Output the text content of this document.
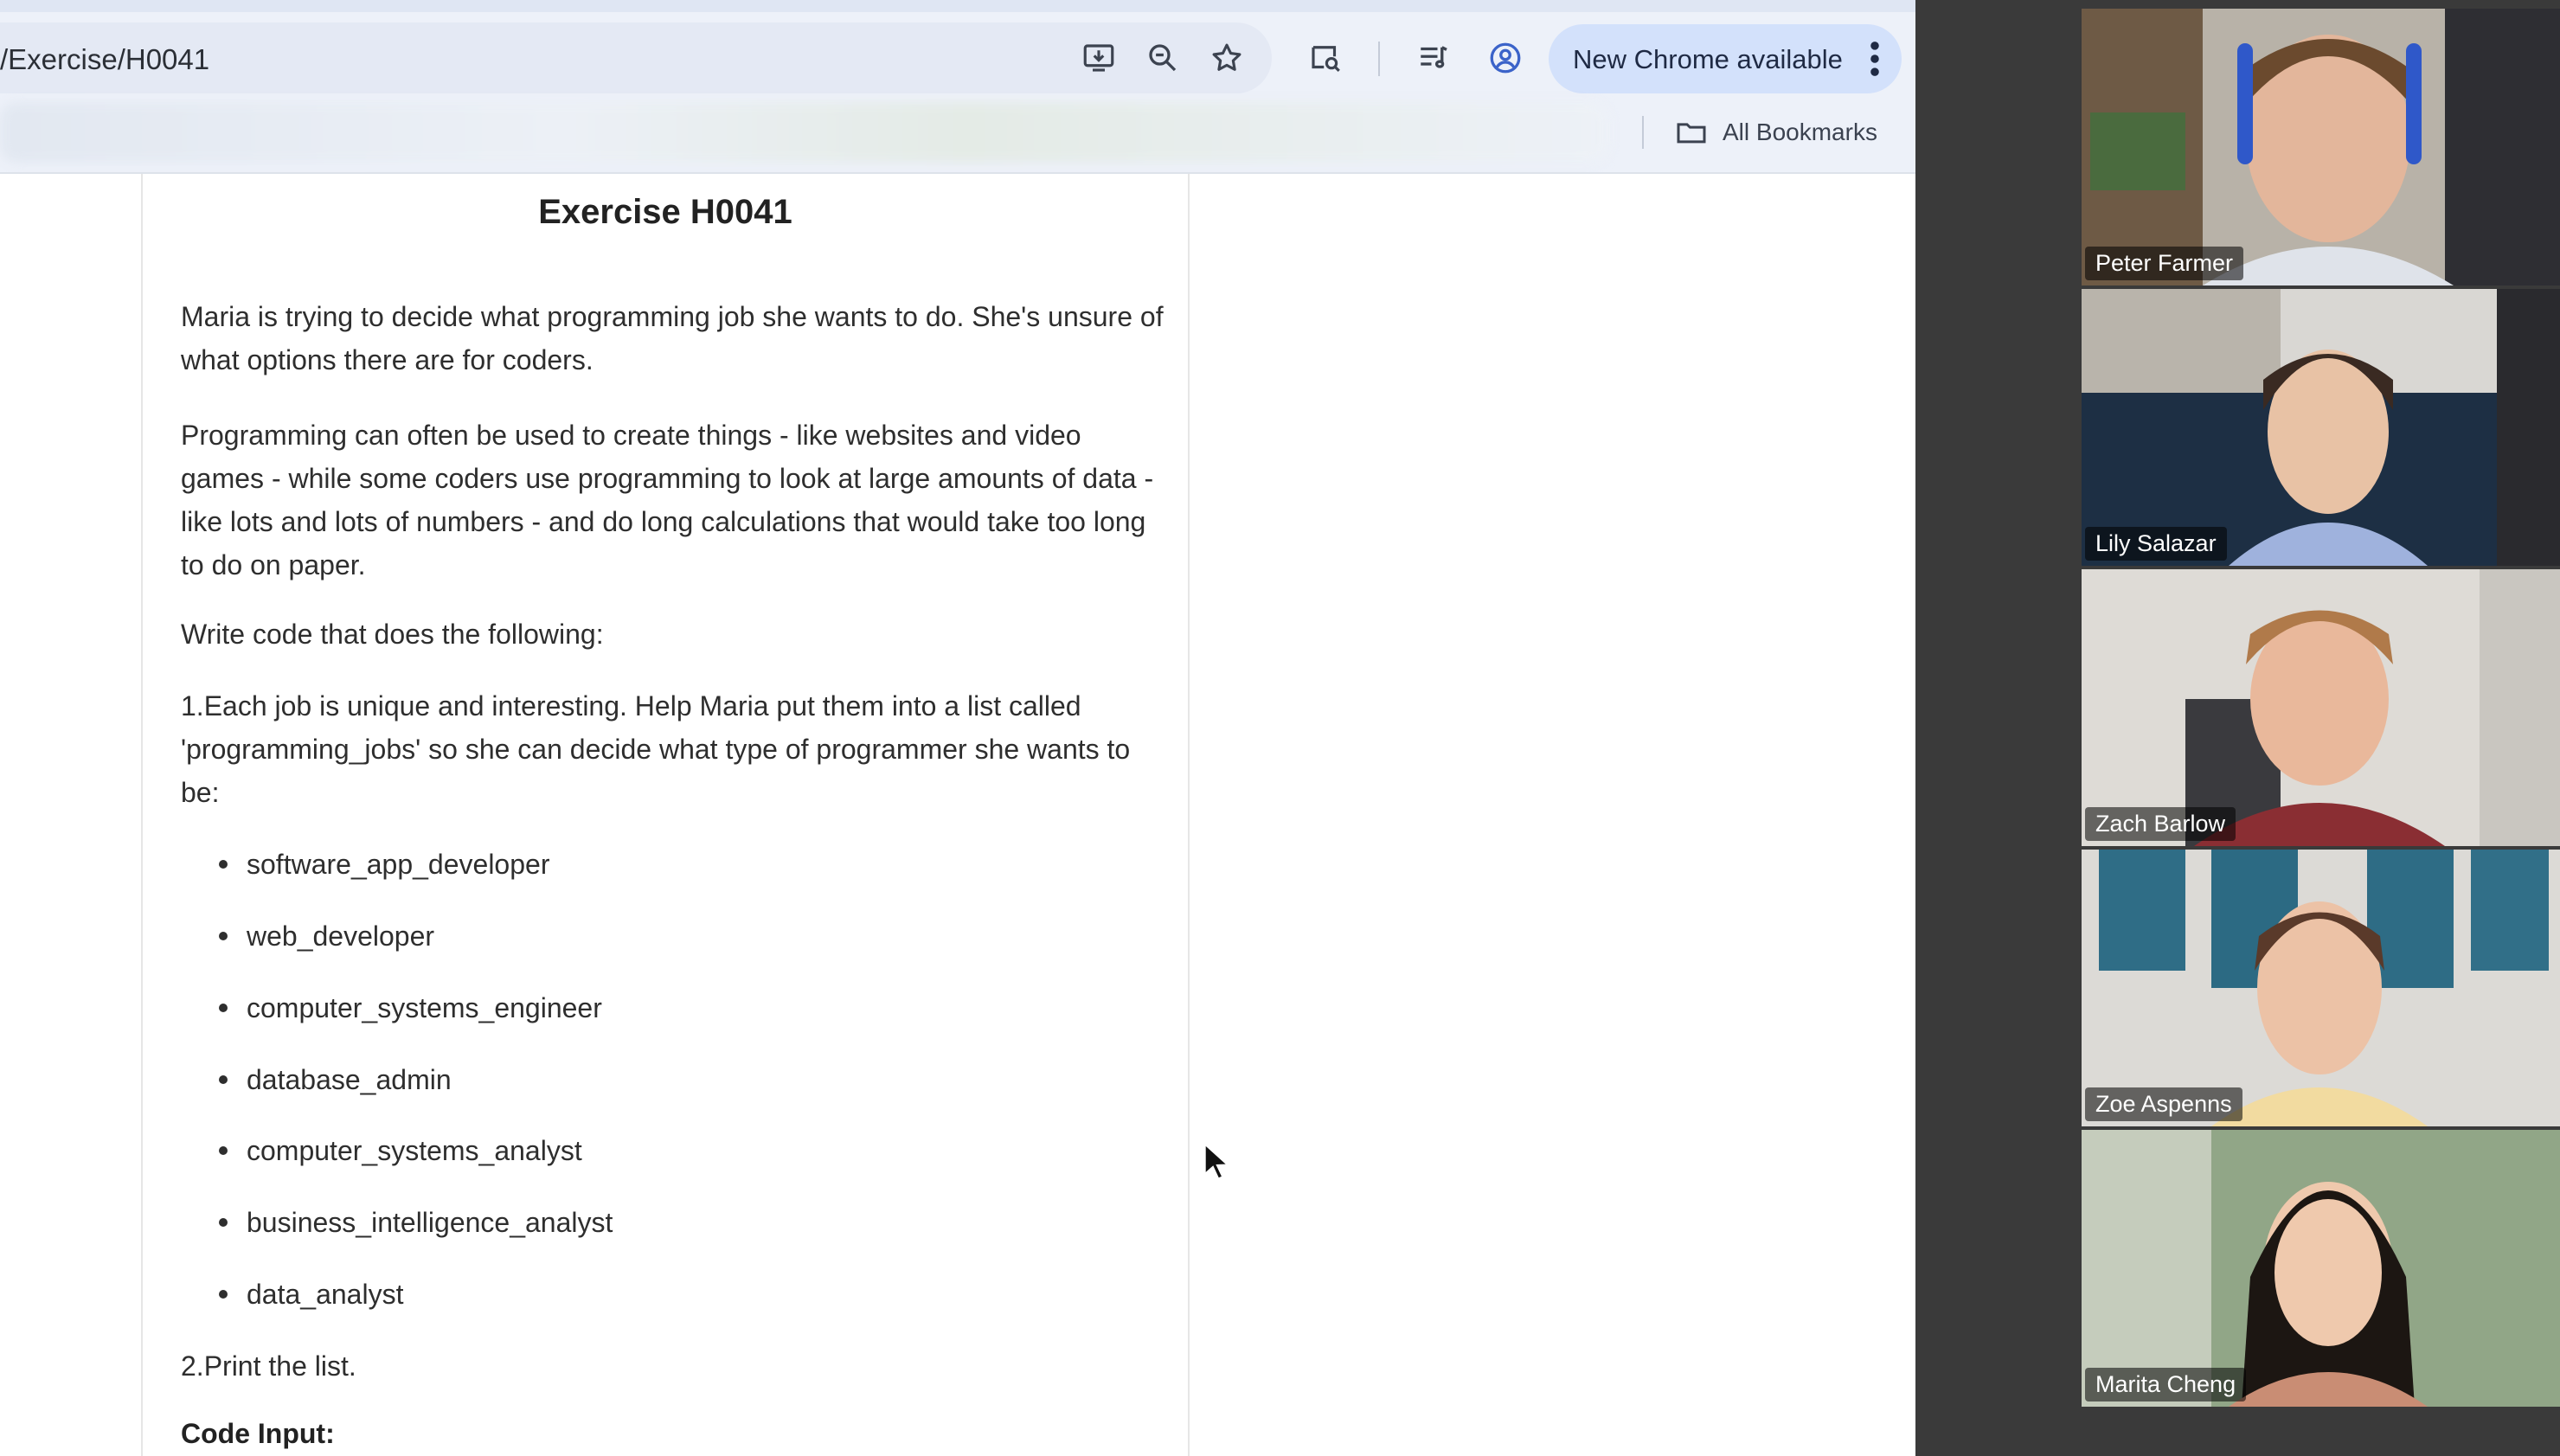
/Exercise/H0041	New Chrome available
All Bookmarks
Exercise H0041

Maria is trying to decide what programming job she wants to do. She's unsure of what options there are for coders.

Programming can often be used to create things - like websites and video games - while some coders use programming to look at large amounts of data - like lots and lots of numbers - and do long calculations that would take too long to do on paper.

Write code that does the following:

1.Each job is unique and interesting. Help Maria put them into a list called 'programming_jobs' so she can decide what type of programmer she wants to be:

software_app_developer
web_developer
computer_systems_engineer
database_admin
computer_systems_analyst
business_intelligence_analyst
data_analyst

2.Print the list.

Code Input:
Peter Farmer
Lily Salazar
Zach Barlow
Zoe Aspenns
Marita Cheng
